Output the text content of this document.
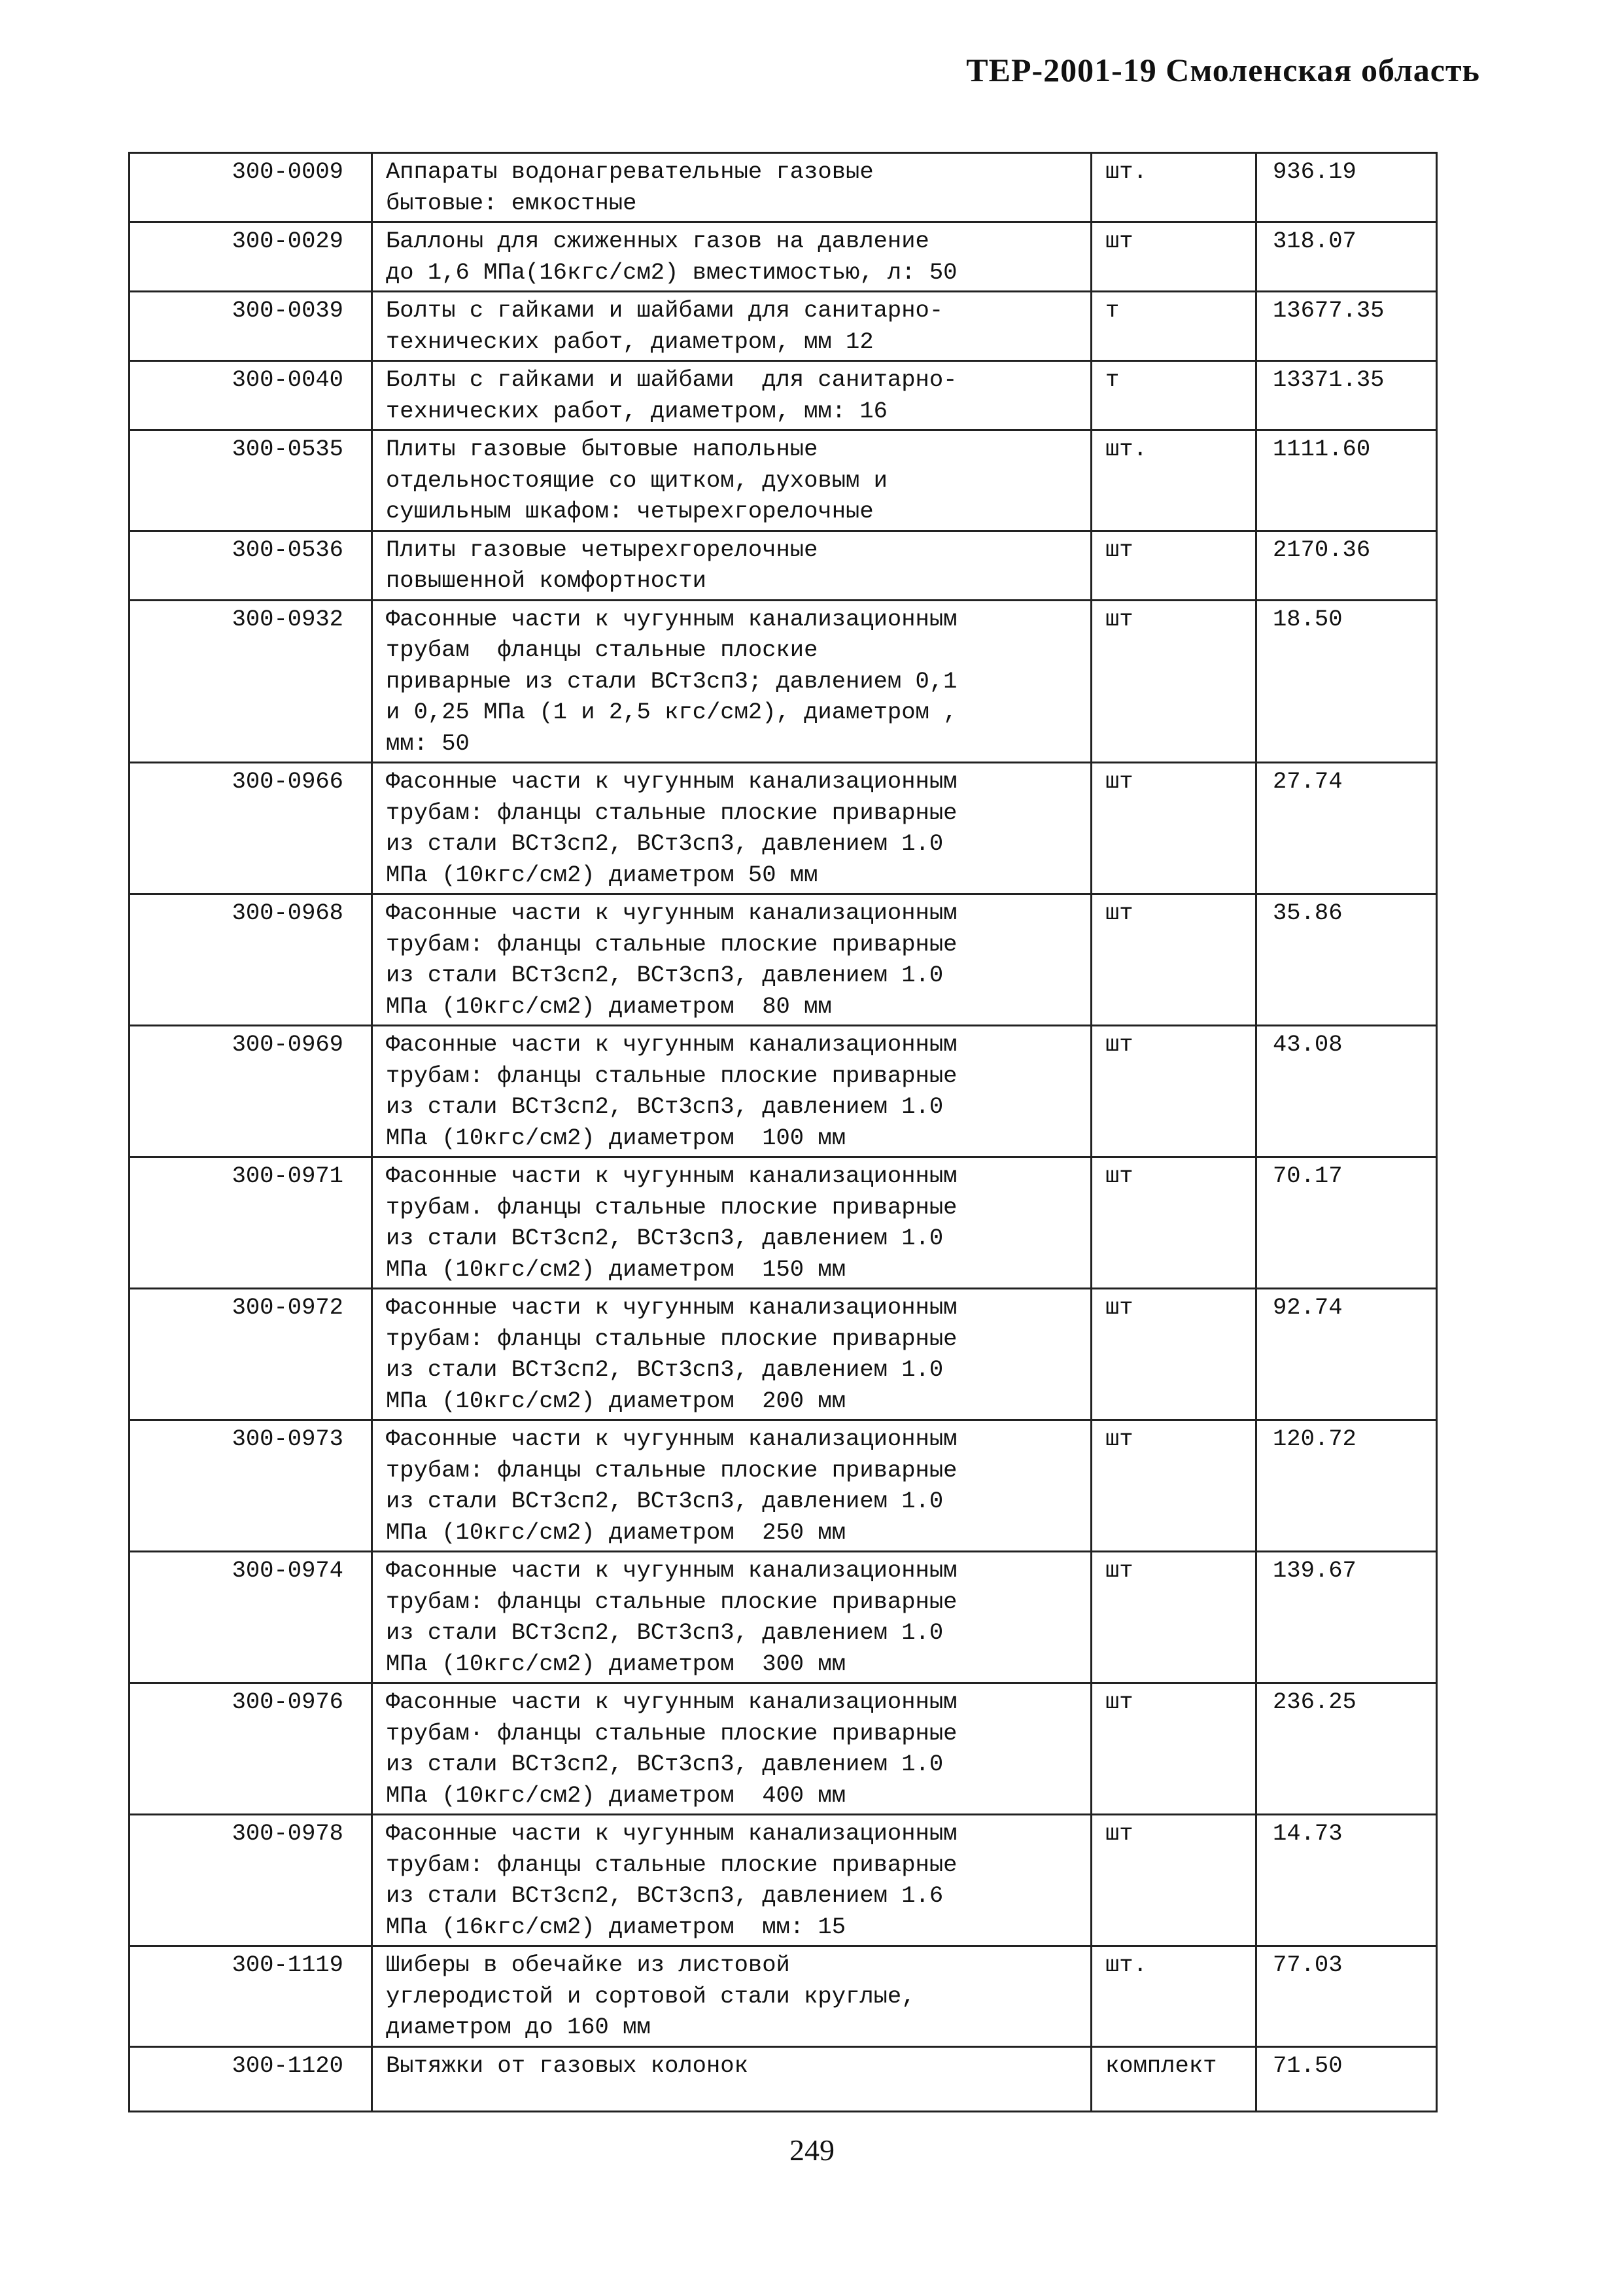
ТЕР-2001-19 Смоленская область
300-0009	Аппараты водонагревательные газовые
бытовые: емкостные	шт.	936.19
300-0029	Баллоны для сжиженных газов на давление
до 1,6 МПа(16кгс/см2) вместимостью, л: 50	шт	318.07
300-0039	Болты с гайками и шайбами для санитарно-
технических работ, диаметром, мм 12	т	13677.35
300-0040	Болты с гайками и шайбами  для санитарно-
технических работ, диаметром, мм: 16	т	13371.35
300-0535	Плиты газовые бытовые напольные
отдельностоящие со щитком, духовым и
сушильным шкафом: четырехгорелочные	шт.	1111.60
300-0536	Плиты газовые четырехгорелочные
повышенной комфортности	шт	2170.36
300-0932	Фасонные части к чугунным канализационным
трубам  фланцы стальные плоские
приварные из стали ВСт3сп3; давлением 0,1
и 0,25 МПа (1 и 2,5 кгс/см2), диаметром ,
мм: 50	шт	18.50
300-0966	Фасонные части к чугунным канализационным
трубам: фланцы стальные плоские приварные
из стали ВСт3сп2, ВСт3сп3, давлением 1.0
МПа (10кгс/см2) диаметром 50 мм	шт	27.74
300-0968	Фасонные части к чугунным канализационным
трубам: фланцы стальные плоские приварные
из стали ВСт3сп2, ВСт3сп3, давлением 1.0
МПа (10кгс/см2) диаметром  80 мм	шт	35.86
300-0969	Фасонные части к чугунным канализационным
трубам: фланцы стальные плоские приварные
из стали ВСт3сп2, ВСт3сп3, давлением 1.0
МПа (10кгс/см2) диаметром  100 мм	шт	43.08
300-0971	Фасонные части к чугунным канализационным
трубам. фланцы стальные плоские приварные
из стали ВСт3сп2, ВСт3сп3, давлением 1.0
МПа (10кгс/см2) диаметром  150 мм	шт	70.17
300-0972	Фасонные части к чугунным канализационным
трубам: фланцы стальные плоские приварные
из стали ВСт3сп2, ВСт3сп3, давлением 1.0
МПа (10кгс/см2) диаметром  200 мм	шт	92.74
300-0973	Фасонные части к чугунным канализационным
трубам: фланцы стальные плоские приварные
из стали ВСт3сп2, ВСт3сп3, давлением 1.0
МПа (10кгс/см2) диаметром  250 мм	шт	120.72
300-0974	Фасонные части к чугунным канализационным
трубам: фланцы стальные плоские приварные
из стали ВСт3сп2, ВСт3сп3, давлением 1.0
МПа (10кгс/см2) диаметром  300 мм	шт	139.67
300-0976	Фасонные части к чугунным канализационным
трубам· фланцы стальные плоские приварные
из стали ВСт3сп2, ВСт3сп3, давлением 1.0
МПа (10кгс/см2) диаметром  400 мм	шт	236.25
300-0978	Фасонные части к чугунным канализационным
трубам: фланцы стальные плоские приварные
из стали ВСт3сп2, ВСт3сп3, давлением 1.6
МПа (16кгс/см2) диаметром  мм: 15	шт	14.73
300-1119	Шиберы в обечайке из листовой
углеродистой и сортовой стали круглые,
диаметром до 160 мм	шт.	77.03
300-1120	Вытяжки от газовых колонок	комплект	71.50
249
